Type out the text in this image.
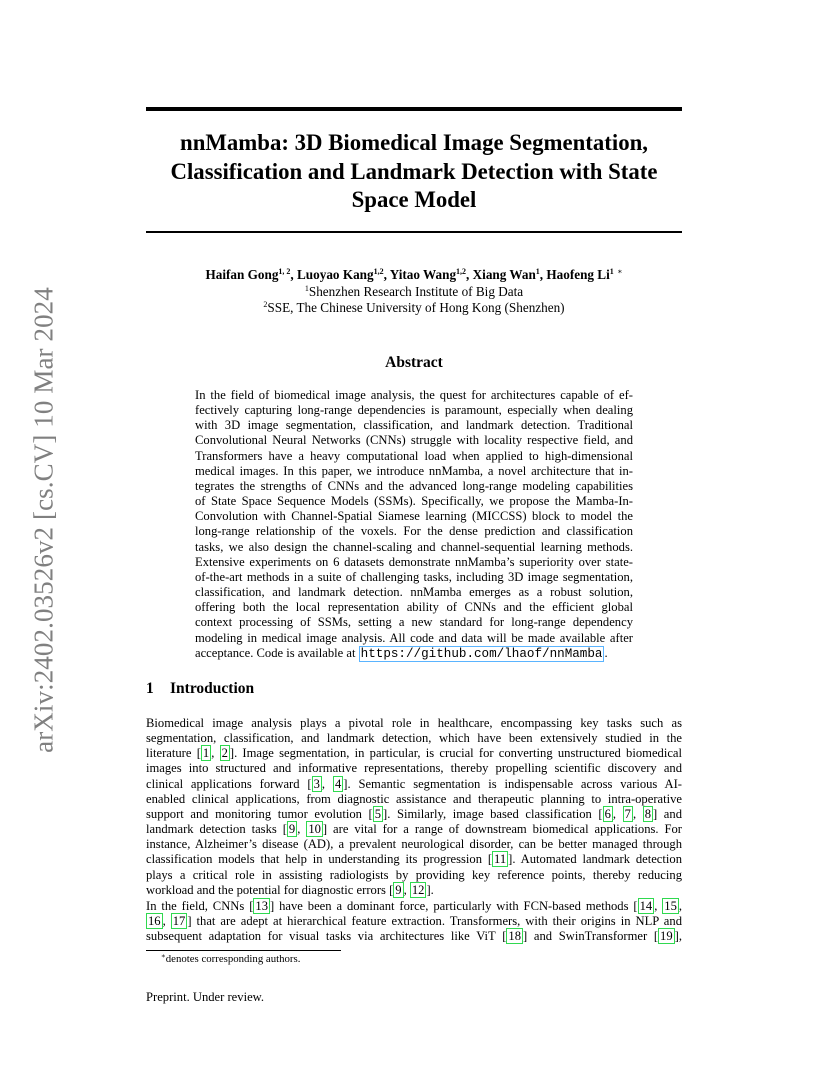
nnMamba: 3D Biomedical Image Segmentation,
Classification and Landmark Detection with State
Space Model
arXiv:2402.03526v2 [cs.CV] 10 Mar 2024
Haifan Gong$^{1, 2}$, Luoyao Kang$^{1,2}$, Yitao Wang$^{1,2}$, Xiang Wan$^1$, Haofeng Li$^1$ ∗
$^1$Shenzhen Research Institute of Big Data
$^2$SSE, The Chinese University of Hong Kong (Shenzhen)
Abstract

In the field of biomedical image analysis, the quest for architectures capable of ef-

fectively capturing long-range dependencies is paramount, especially when dealing

with 3D image segmentation, classification, and landmark detection. Traditional

Convolutional Neural Networks (CNNs) struggle with locality respective field, and

Transformers have a heavy computational load when applied to high-dimensional

medical images. In this paper, we introduce nnMamba, a novel architecture that in-

tegrates the strengths of CNNs and the advanced long-range modeling capabilities

of State Space Sequence Models (SSMs). Specifically, we propose the Mamba-In-

Convolution with Channel-Spatial Siamese learning (MICCSS) block to model the

long-range relationship of the voxels. For the dense prediction and classification

tasks, we also design the channel-scaling and channel-sequential learning methods.

Extensive experiments on 6 datasets demonstrate nnMamba’s superiority over state-

of-the-art methods in a suite of challenging tasks, including 3D image segmentation,

classification, and landmark detection. nnMamba emerges as a robust solution,

offering both the local representation ability of CNNs and the efficient global

context processing of SSMs, setting a new standard for long-range dependency

modeling in medical image analysis. All code and data will be made available after

acceptance. Code is available at https://github.com/lhaof/nnMamba .

1 Introduction

Biomedical image analysis plays a pivotal role in healthcare, encompassing key tasks such as

segmentation, classification, and landmark detection, which have been extensively studied in the

literature [ 1 , 2 ]. Image segmentation, in particular, is crucial for converting unstructured biomedical

images into structured and informative representations, thereby propelling scientific discovery and

clinical applications forward [ 3 , 4 ]. Semantic segmentation is indispensable across various AI-

enabled clinical applications, from diagnostic assistance and therapeutic planning to intra-operative

support and monitoring tumor evolution [ 5 ]. Similarly, image based classification [ 6 , 7 , 8 ] and

landmark detection tasks [ 9 , 10 ] are vital for a range of downstream biomedical applications. For

instance, Alzheimer’s disease (AD), a prevalent neurological disorder, can be better managed through

classification models that help in understanding its progression [ 11 ]. Automated landmark detection

plays a critical role in assisting radiologists by providing key reference points, thereby reducing

workload and the potential for diagnostic errors [ 9 , 12 ].

In the field, CNNs [ 13 ] have been a dominant force, particularly with FCN-based methods [ 14 , 15 ,

16 , 17 ] that are adept at hierarchical feature extraction. Transformers, with their origins in NLP and

subsequent adaptation for visual tasks via architectures like ViT [ 18 ] and SwinTransformer [ 19 ],

∗denotes corresponding authors.
Preprint. Under review.
